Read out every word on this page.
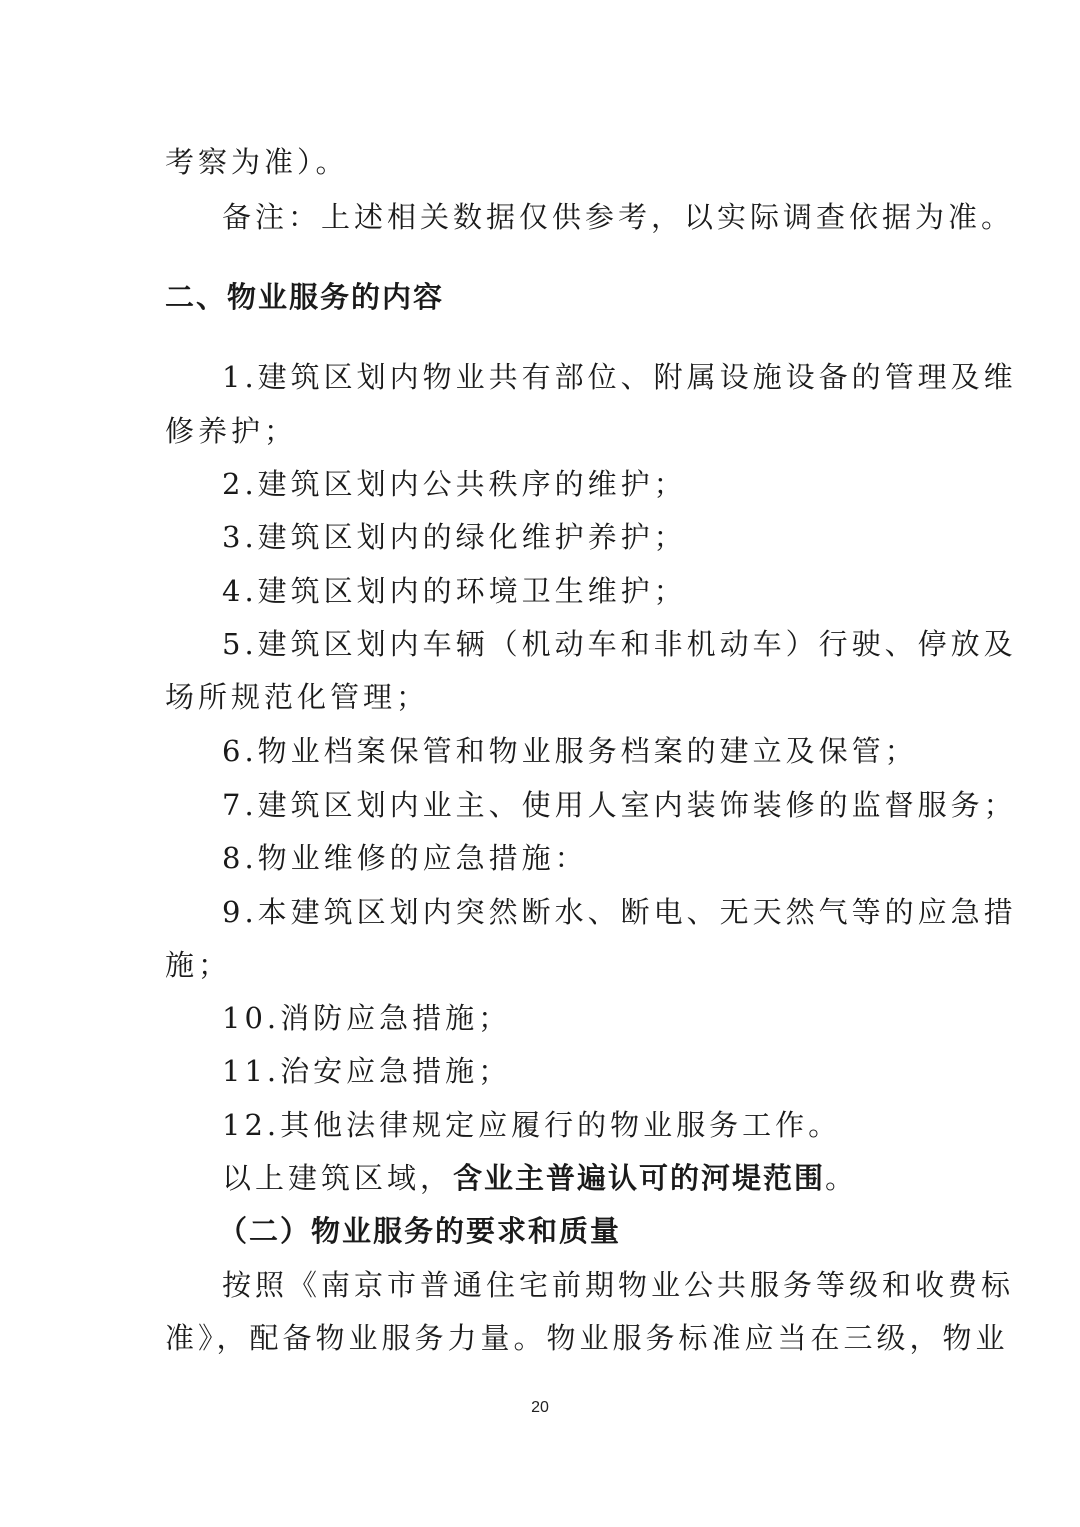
考察为准）。
备注：上述相关数据仅供参考，以实际调查依据为准。
二、物业服务的内容
1.建筑区划内物业共有部位、附属设施设备的管理及维
修养护；
2.建筑区划内公共秩序的维护；
3.建筑区划内的绿化维护养护；
4.建筑区划内的环境卫生维护；
5.建筑区划内车辆（机动车和非机动车）行驶、停放及
场所规范化管理；
6.物业档案保管和物业服务档案的建立及保管；
7.建筑区划内业主、使用人室内装饰装修的监督服务；
8.物业维修的应急措施：
9.本建筑区划内突然断水、断电、无天然气等的应急措
施；
10.消防应急措施；
11.治安应急措施；
12.其他法律规定应履行的物业服务工作。
以上建筑区域，含业主普遍认可的河堤范围。
（二）物业服务的要求和质量
按照《南京市普通住宅前期物业公共服务等级和收费标
准》，配备物业服务力量。物业服务标准应当在三级，物业
20
